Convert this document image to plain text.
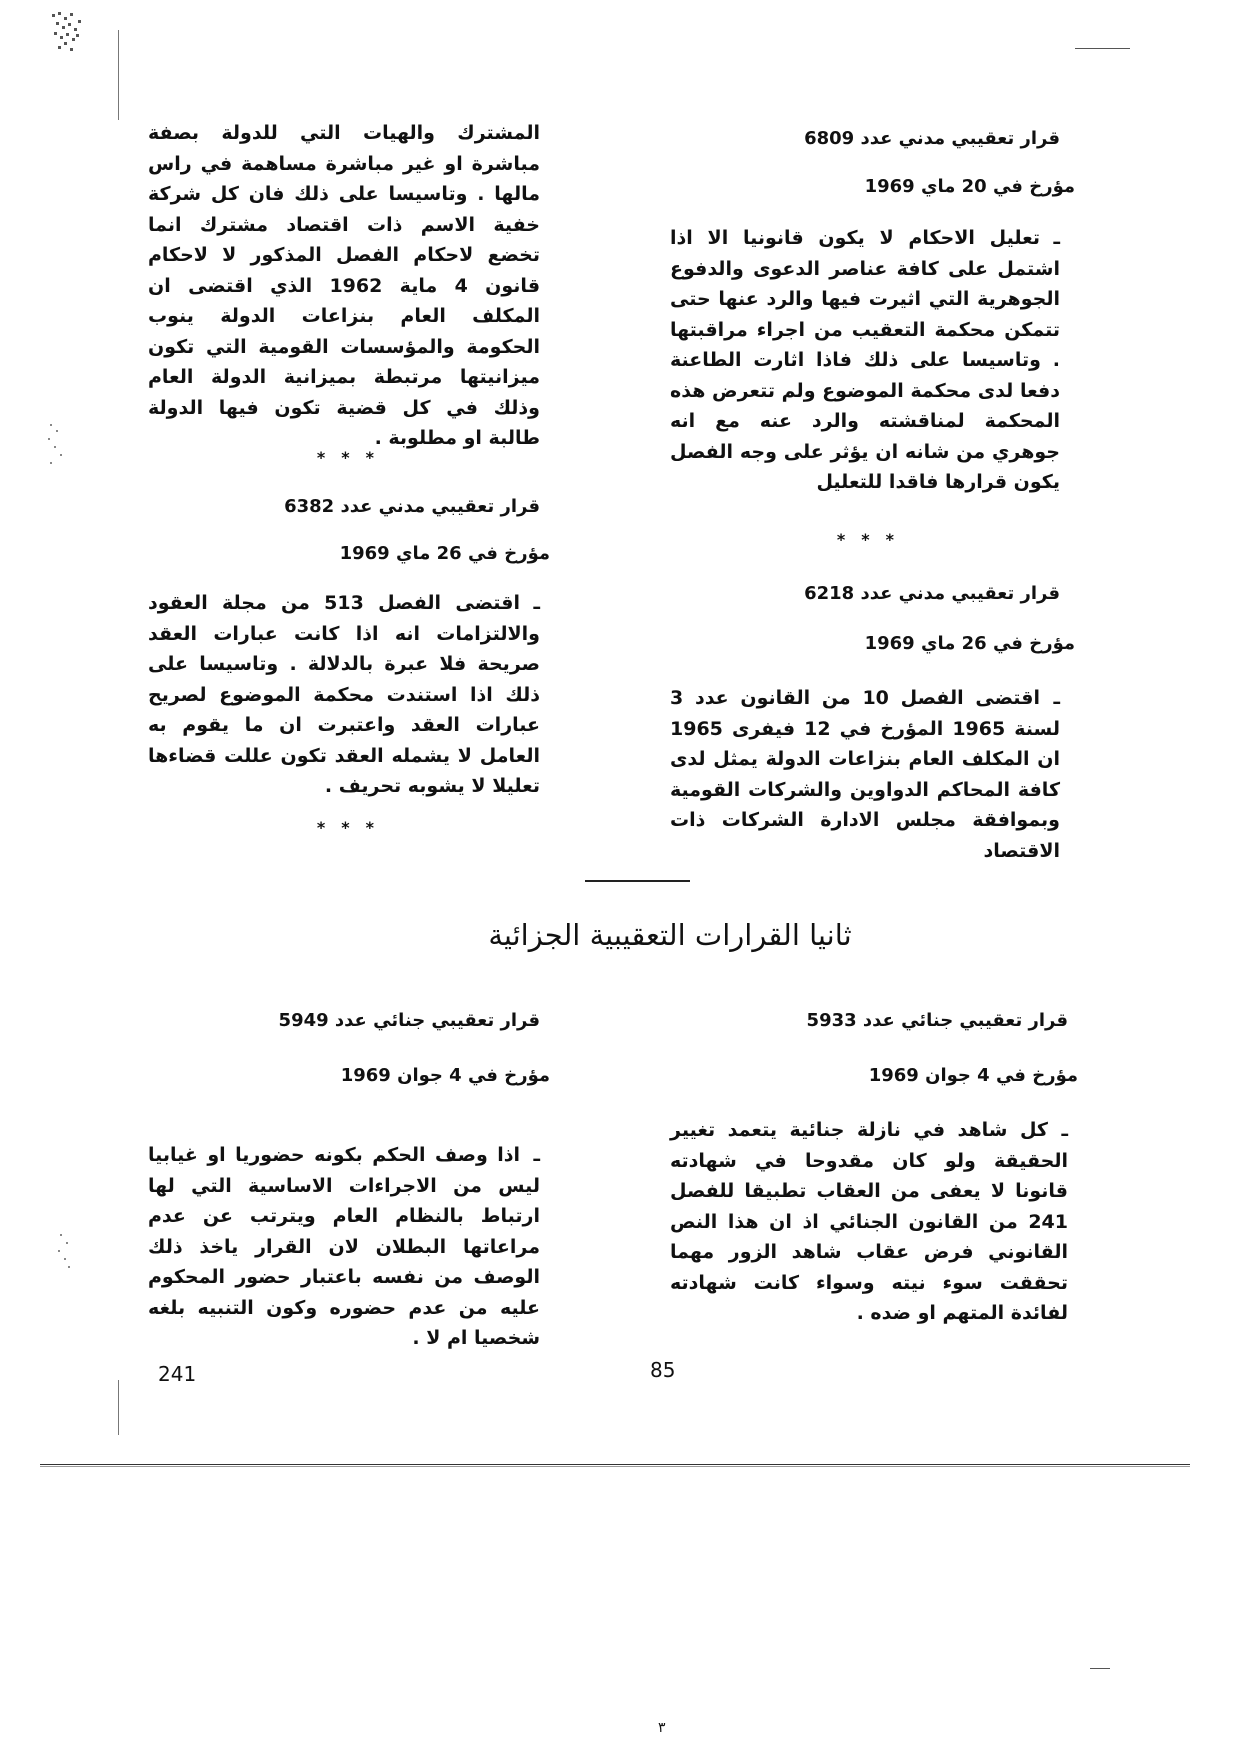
قرار تعقيبي مدني عدد 6809
مؤرخ في 20 ماي 1969

ـتعليل الاحكام لا يكون قانونيا الا اذا اشتمل على كافة عناصر الدعوى والدفوع الجوهرية التي اثيرت فيها والرد عنها حتى تتمكن محكمة التعقيب من اجراء مراقبتها . وتاسيسا على ذلك فاذا اثارت الطاعنة دفعا لدى محكمة الموضوع ولم تتعرض هذه المحكمة لمناقشته والرد عنه مع انه جوهري من شانه ان يؤثر على وجه الفصل يكون قرارها فاقدا للتعليل

***
قرار تعقيبي مدني عدد 6218
مؤرخ في 26 ماي 1969

ـاقتضى الفصل 10 من القانون عدد 3 لسنة 1965 المؤرخ في 12 فيفرى 1965 ان المكلف العام بنزاعات الدولة يمثل لدى كافة المحاكم الدواوين والشركات القومية وبموافقة مجلس الادارة الشركات ذات الاقتصاد

المشترك والهيات التي للدولة بصفة مباشرة او غير مباشرة مساهمة في راس مالها . وتاسيسا على ذلك فان كل شركة خفية الاسم ذات اقتصاد مشترك انما تخضع لاحكام الفصل المذكور لا لاحكام قانون 4 ماية 1962 الذي اقتضى ان المكلف العام بنزاعات الدولة ينوب الحكومة والمؤسسات القومية التي تكون ميزانيتها مرتبطة بميزانية الدولة العام وذلك في كل قضية تكون فيها الدولة طالبة او مطلوبة .

***
قرار تعقيبي مدني عدد 6382
مؤرخ في 26 ماي 1969

ـاقتضى الفصل 513 من مجلة العقود والالتزامات انه اذا كانت عبارات العقد صريحة فلا عبرة بالدلالة . وتاسيسا على ذلك اذا استندت محكمة الموضوع لصريح عبارات العقد واعتبرت ان ما يقوم به العامل لا يشمله العقد تكون عللت قضاءها تعليلا لا يشوبه تحريف .

***
ثانيا القرارات التعقيبية الجزائية
قرار تعقيبي جنائي عدد 5933
مؤرخ في 4 جوان 1969

ـكل شاهد في نازلة جنائية يتعمد تغيير الحقيقة ولو كان مقدوحا في شهادته قانونا لا يعفى من العقاب تطبيقا للفصل 241 من القانون الجنائي اذ ان هذا النص القانوني فرض عقاب شاهد الزور مهما تحققت سوء نيته وسواء كانت شهادته لفائدة المتهم او ضده .

قرار تعقيبي جنائي عدد 5949
مؤرخ في 4 جوان 1969

ـاذا وصف الحكم بكونه حضوريا او غيابيا ليس من الاجراءات الاساسية التي لها ارتباط بالنظام العام ويترتب عن عدم مراعاتها البطلان لان القرار ياخذ ذلك الوصف من نفسه باعتبار حضور المحكوم عليه من عدم حضوره وكون التنبيه بلغه شخصيا ام لا .

241	85
٣
